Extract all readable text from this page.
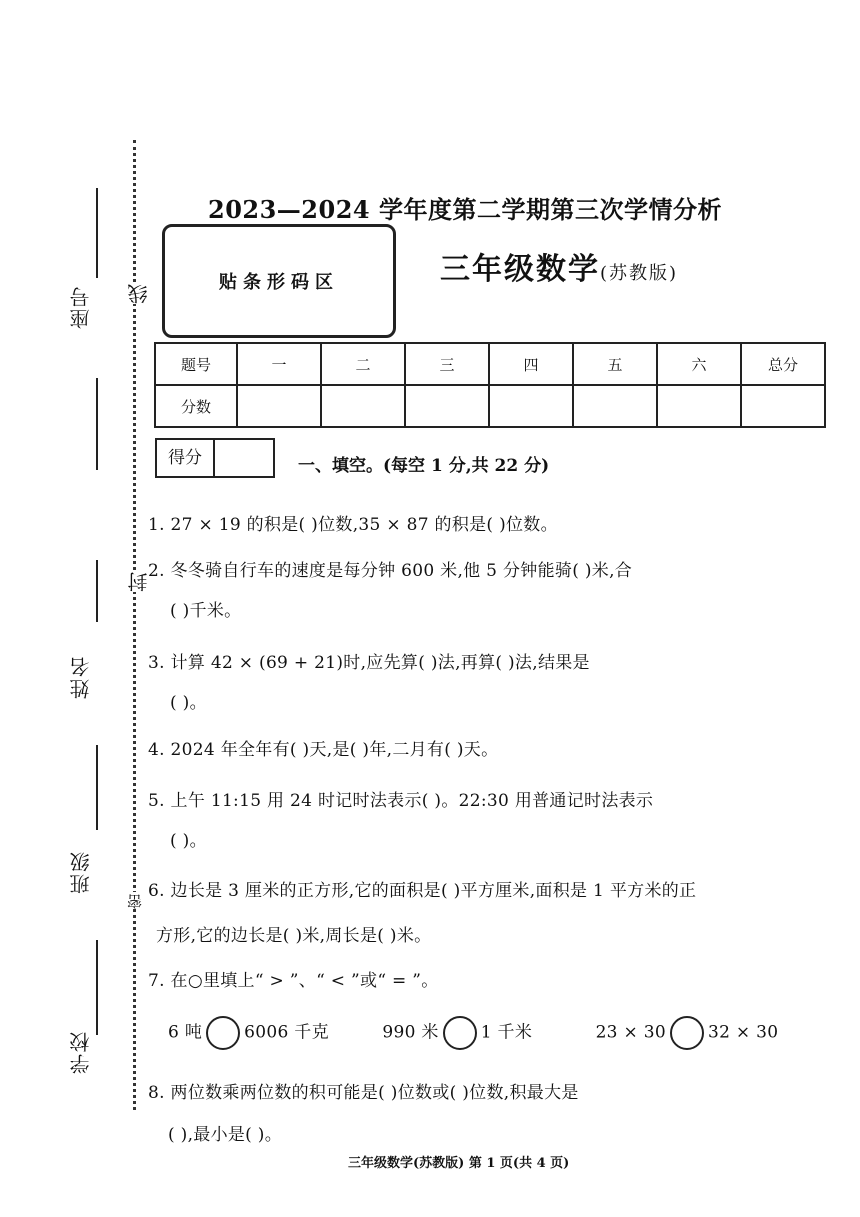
座号
姓名
班级
学校
线
封
密
2023—2024 学年度第二学期第三次学情分析
贴条形码区	三年级数学(苏教版)
题号	一	二	三	四	五	六	总分
分数							
得分	一、填空。(每空 1 分,共 22 分)
1. 27 × 19 的积是( )位数,35 × 87 的积是( )位数。
2. 冬冬骑自行车的速度是每分钟 600 米,他 5 分钟能骑( )米,合
( )千米。
3. 计算 42 × (69 + 21)时,应先算( )法,再算( )法,结果是
( )。
4. 2024 年全年有( )天,是( )年,二月有( )天。
5. 上午 11:15 用 24 时记时法表示( )。22:30 用普通记时法表示
( )。
6. 边长是 3 厘米的正方形,它的面积是( )平方厘米,面积是 1 平方米的正
方形,它的边长是( )米,周长是( )米。
7. 在○里填上“ > ”、“ < ”或“ = ”。
6 吨 6006 千克	990 米 1 千米	23 × 30 32 × 30
8. 两位数乘两位数的积可能是( )位数或( )位数,积最大是
( ),最小是( )。
三年级数学(苏教版) 第 1 页(共 4 页)
